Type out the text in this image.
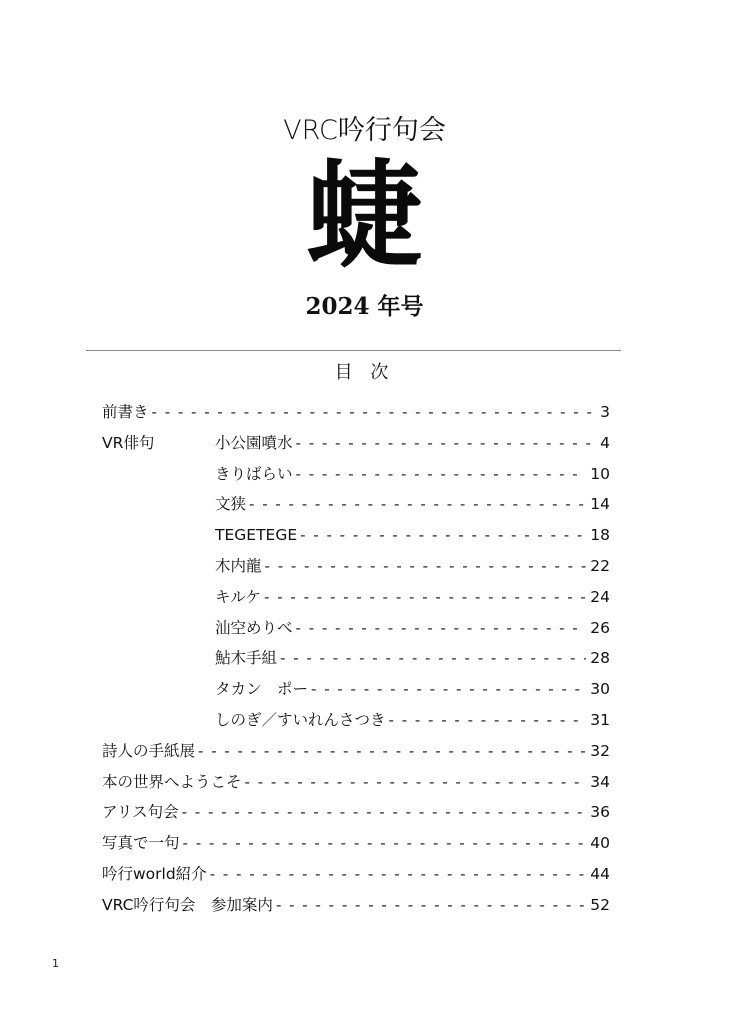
VRC吟行句会
蜨
2024 年号
目 次
前書き - - -	3
VR俳句	小公園噴水 - - -	4
きりばらい - - -	10
文狭 - - -	14
TEGETEGE - - -	18
木内龍 - - -	22
キルケ - - -	24
汕空めりべ - - -	26
鮎木手組 - - -	28
タカン　ポー - - -	30
しのぎ／すいれんさつき - - -	31
詩人の手紙展 - - -	32
本の世界へようこそ - - -	34
アリス句会 - - -	36
写真で一句 - - -	40
吟行world紹介 - - -	44
VRC吟行句会　参加案内 - - -	52
1
